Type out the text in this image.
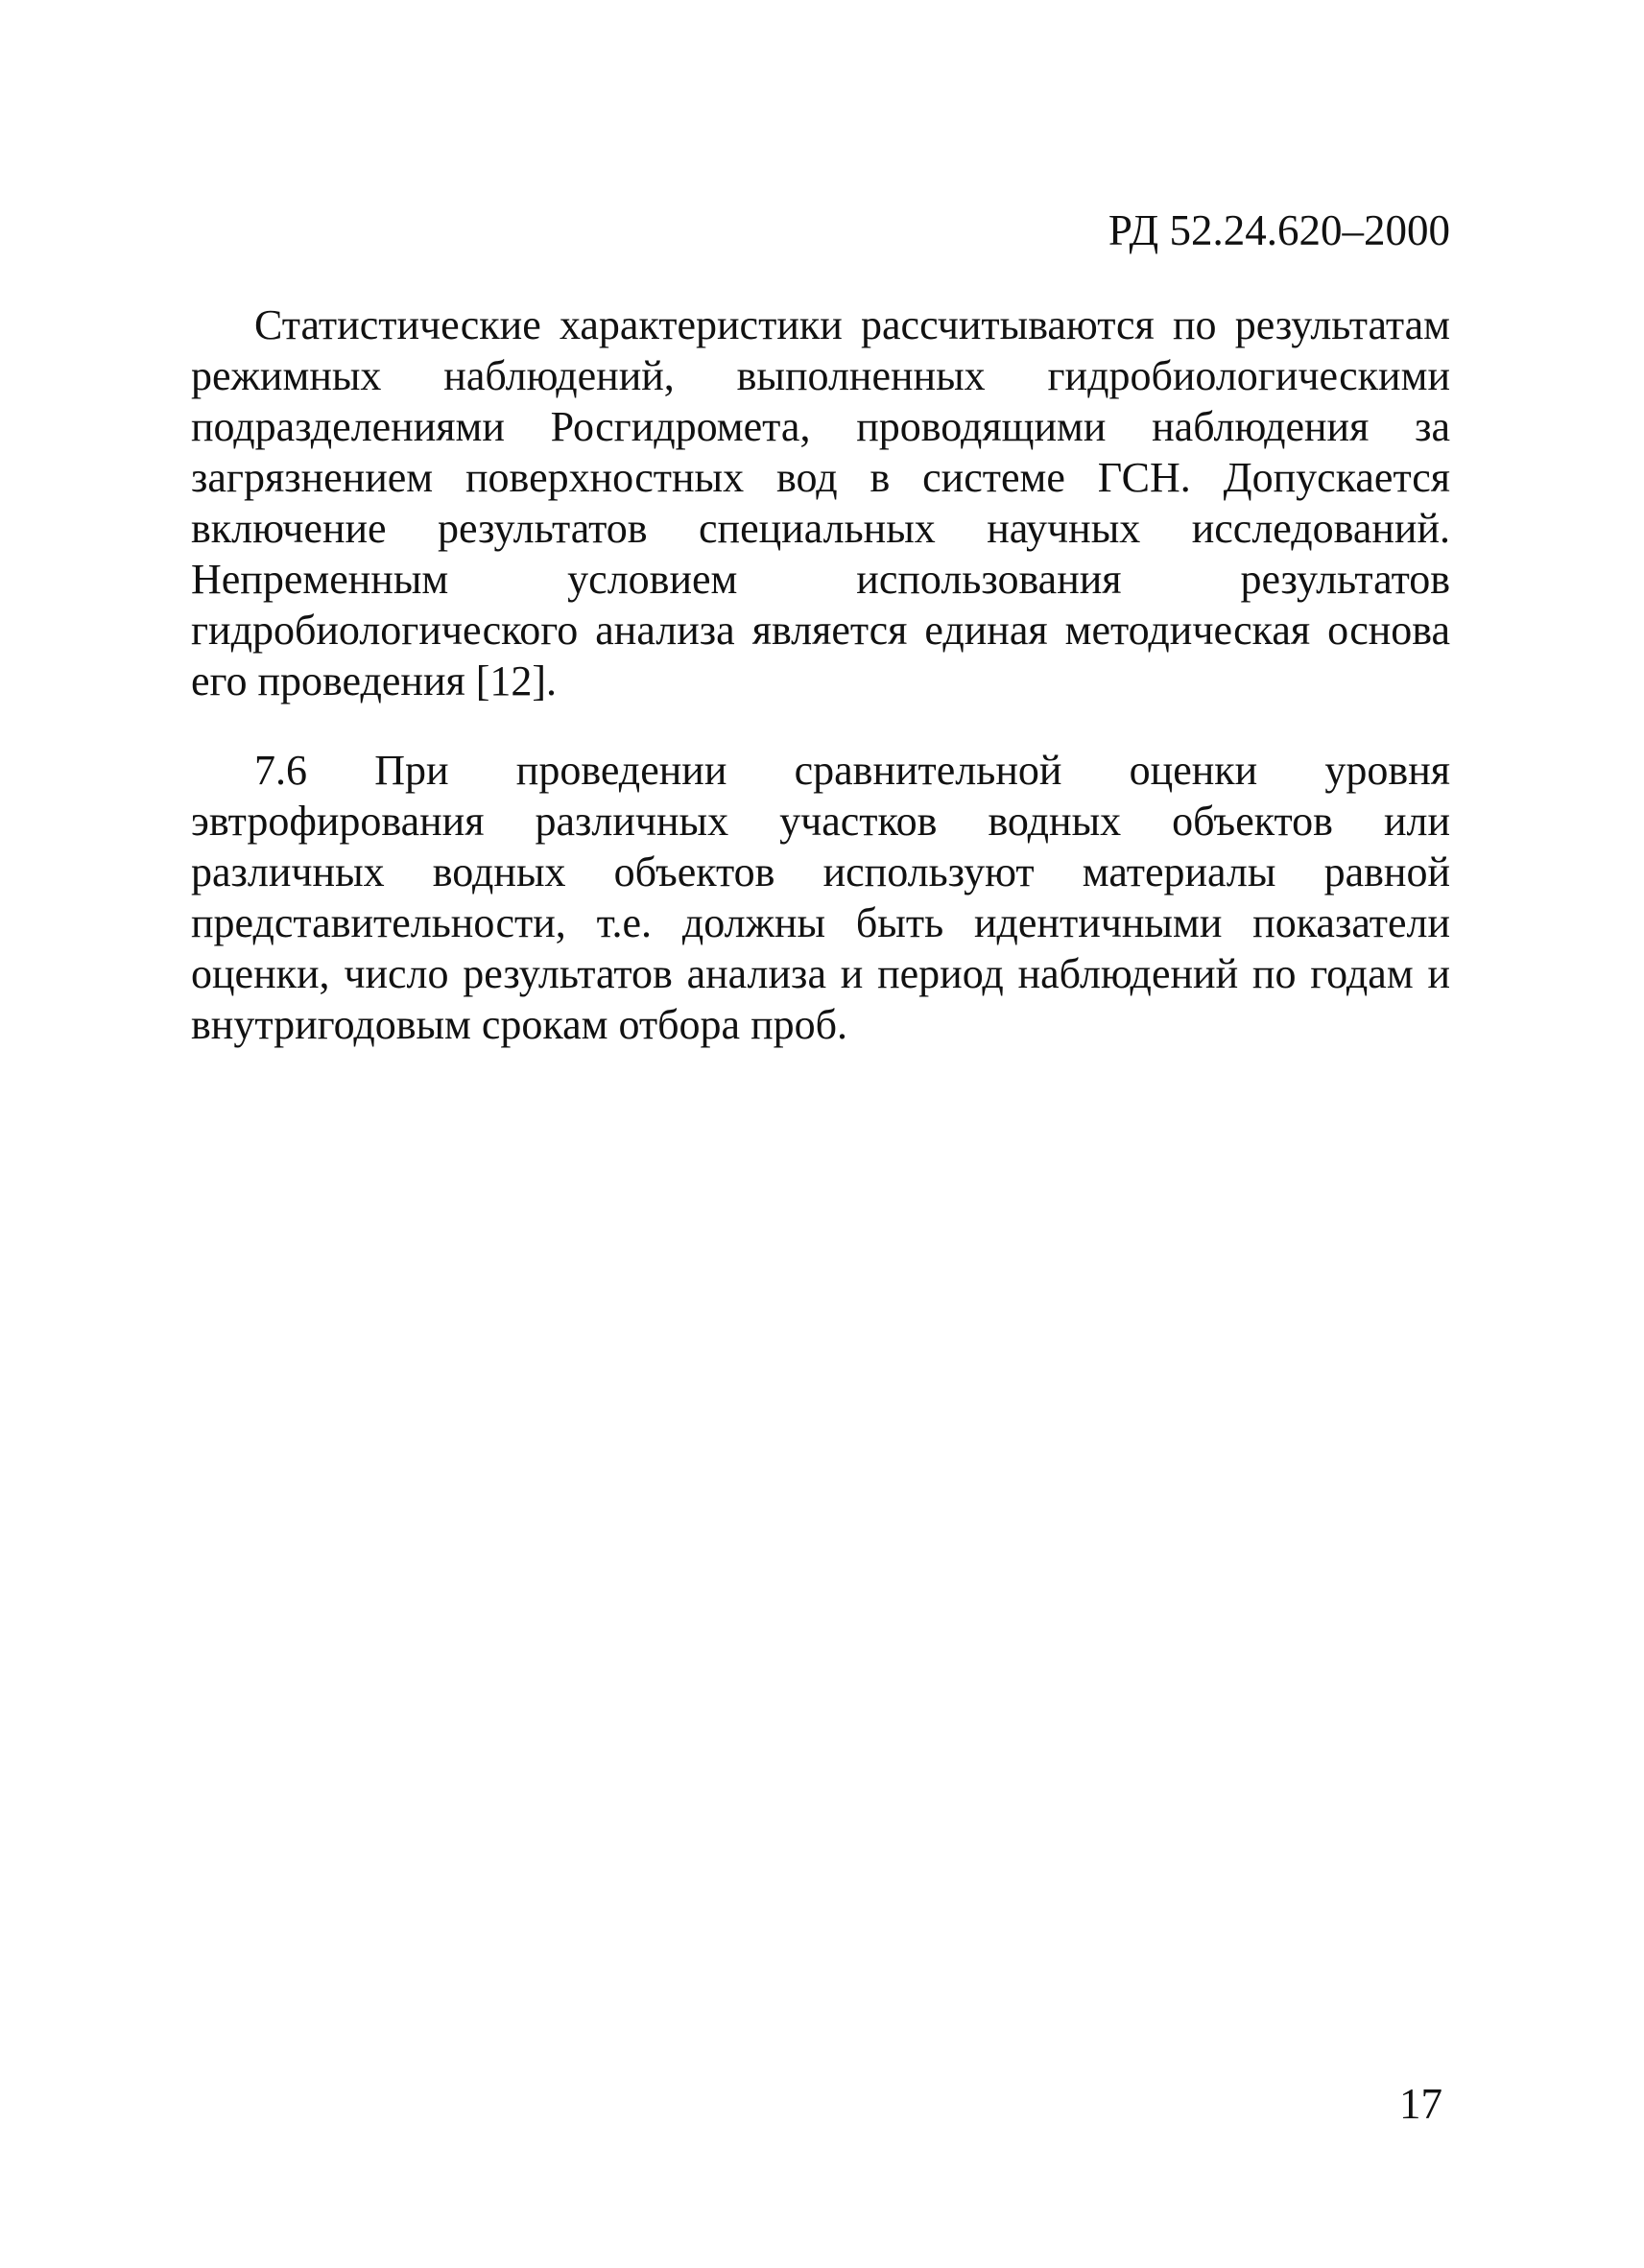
РД 52.24.620–2000

Статистические характеристики рассчитываются по результатам режимных наблюдений, выполненных гидробиологическими подразделениями Росгидромета, проводящими наблюдения за загрязнением поверхностных вод в системе ГСН. Допускается включение результатов специальных научных исследований. Непременным условием использования результатов гидробиологического анализа является единая методическая основа его проведения [12].

7.6 При проведении сравнительной оценки уровня эвтрофирования различных участков водных объектов или различных водных объектов используют материалы равной представительности, т.е. должны быть идентичными показатели оценки, число результатов анализа и период наблюдений по годам и внутригодовым срокам отбора проб.

17
